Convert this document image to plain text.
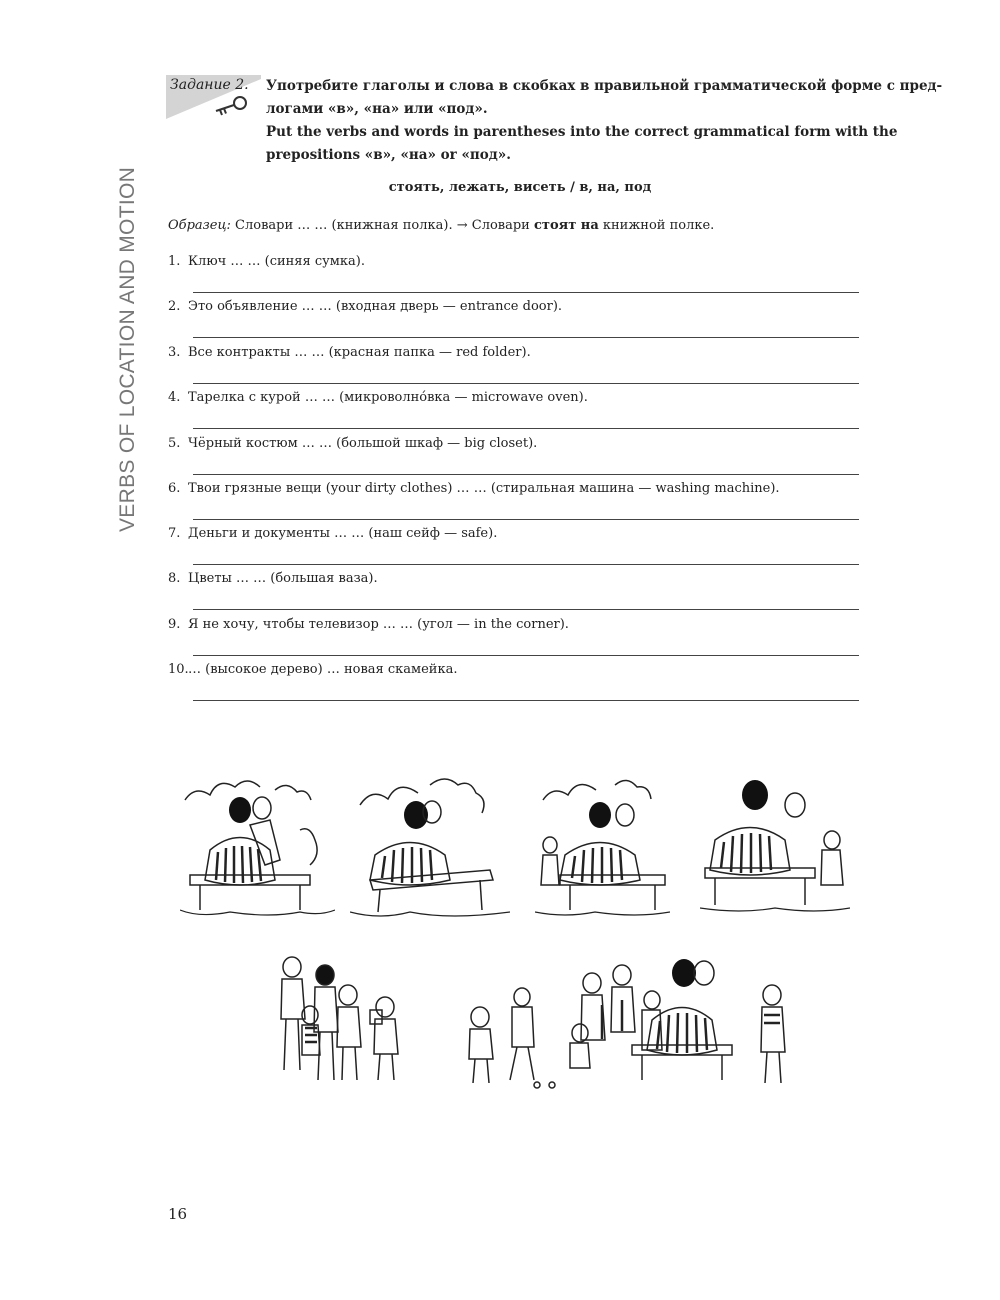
VERBS OF LOCATION AND MOTION
Задание 2. Употребите глаголы и слова в скобках в правильной грамматической форме с пред-
логами «в», «на» или «под».
Put the verbs and words in parentheses into the correct grammatical form with the
prepositions «в», «на» or «под».
стоять, лежать, висеть / в, на, под
Образец: Словари … … (книжная полка). → Словари стоят на книжной полке.
1. Ключ … … (синяя сумка).
2. Это объявление … … (входная дверь — entrance door).
3. Все контракты … … (красная папка — red folder).
4. Тарелка с курой … … (микроволно́вка — microwave oven).
5. Чёрный костюм … … (большой шкаф — big closet).
6. Твои грязные вещи (your dirty clothes) … … (стиральная машина — washing machine).
7. Деньги и документы … … (наш сейф — safe).
8. Цветы … … (большая ваза).
9. Я не хочу, чтобы телевизор … … (угол — in the corner).
10.… (высокое дерево) … новая скамейка.
16
